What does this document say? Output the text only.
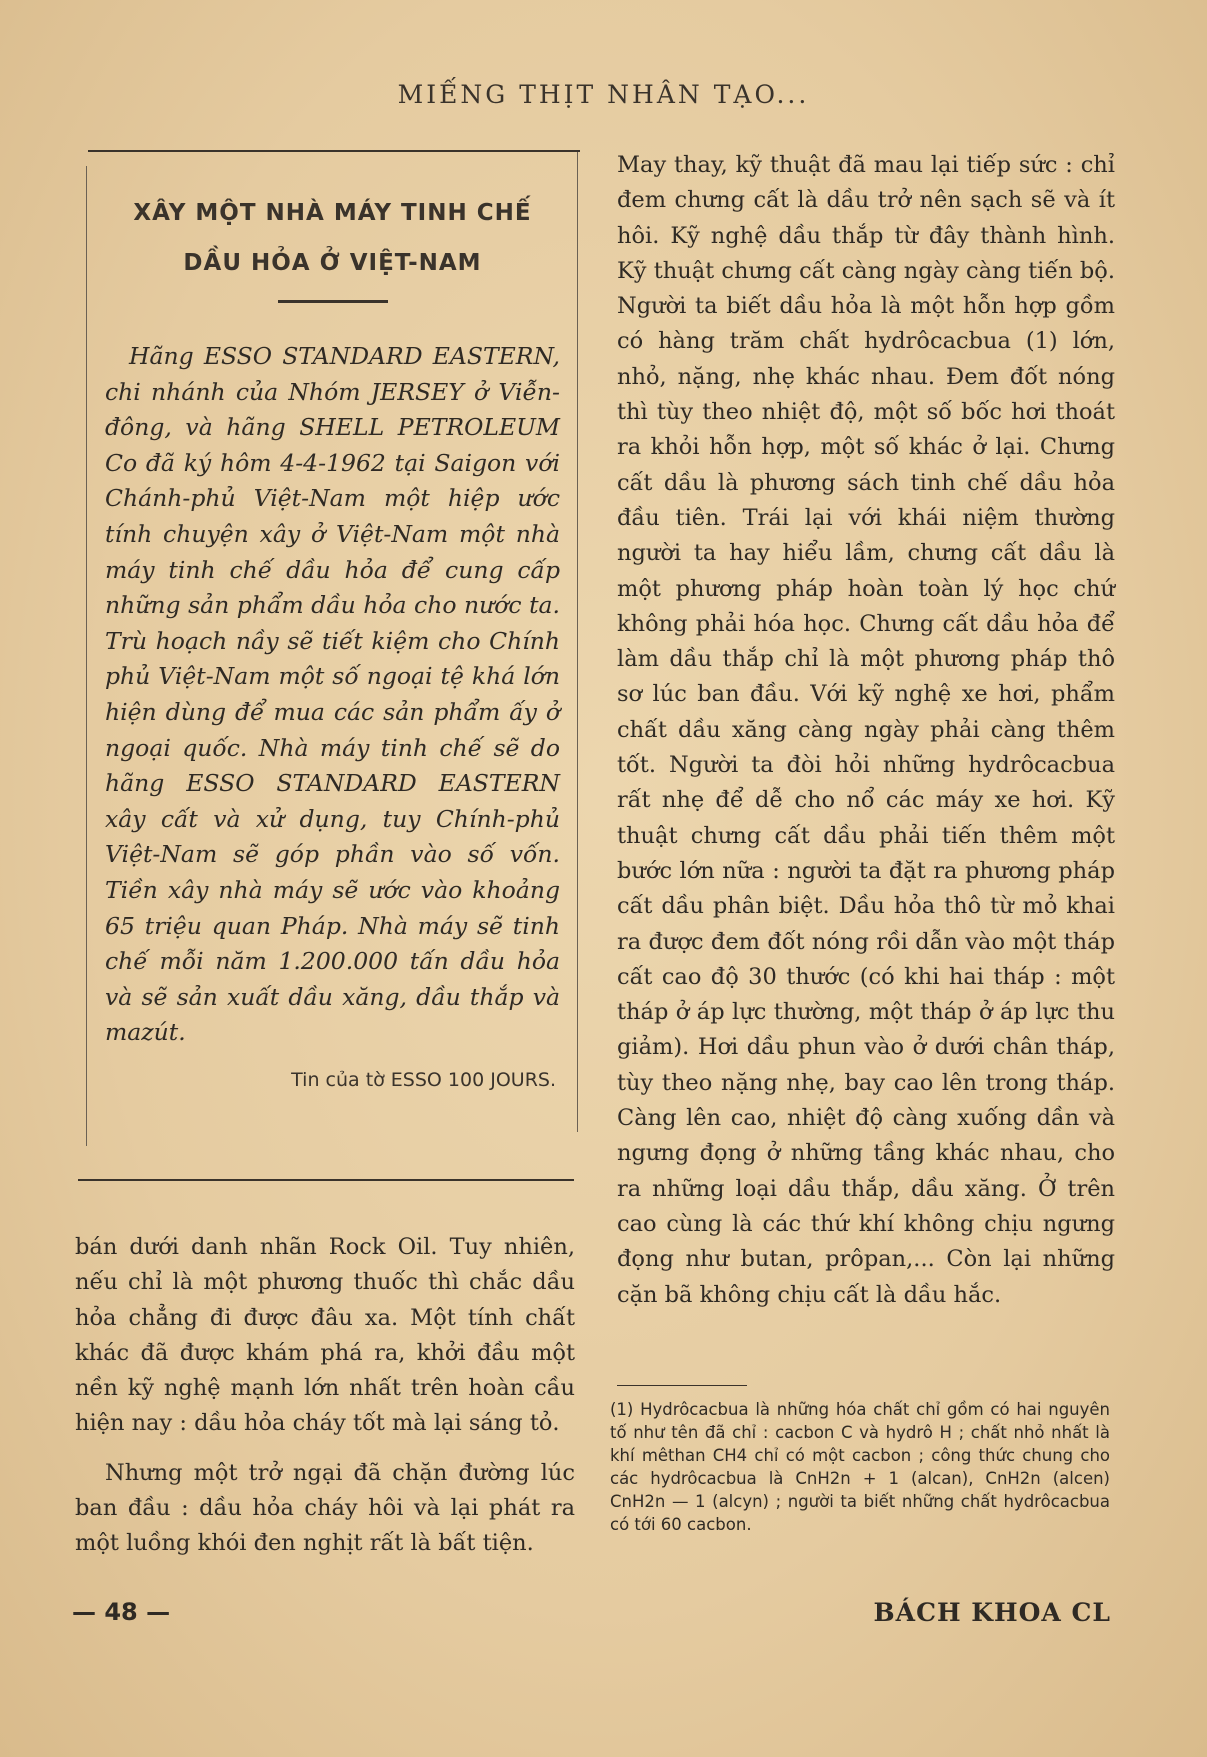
MIẾNG THỊT NHÂN TẠO...
XÂY MỘT NHÀ MÁY TINH CHẾ
DẦU HỎA Ở VIỆT-NAM

Hãng ESSO STANDARD EASTERN, chi nhánh của Nhóm JERSEY ở Viễn-đông, và hãng SHELL PETROLEUM Co đã ký hôm 4-4-1962 tại Saigon với Chánh-phủ Việt-Nam một hiệp ước tính chuyện xây ở Việt-Nam một nhà máy tinh chế dầu hỏa để cung cấp những sản phẩm dầu hỏa cho nước ta. Trù hoạch nầy sẽ tiết kiệm cho Chính phủ Việt-Nam một số ngoại tệ khá lớn hiện dùng để mua các sản phẩm ấy ở ngoại quốc. Nhà máy tinh chế sẽ do hãng ESSO STANDARD EASTERN xây cất và xử dụng, tuy Chính-phủ Việt-Nam sẽ góp phần vào số vốn. Tiền xây nhà máy sẽ ước vào khoảng 65 triệu quan Pháp. Nhà máy sẽ tinh chế mỗi năm 1.200.000 tấn dầu hỏa và sẽ sản xuất dầu xăng, dầu thắp và mazút.

Tin của tờ ESSO 100 JOURS.

bán dưới danh nhãn Rock Oil. Tuy nhiên, nếu chỉ là một phương thuốc thì chắc dầu hỏa chẳng đi được đâu xa. Một tính chất khác đã được khám phá ra, khởi đầu một nền kỹ nghệ mạnh lớn nhất trên hoàn cầu hiện nay : dầu hỏa cháy tốt mà lại sáng tỏ.

Nhưng một trở ngại đã chặn đường lúc ban đầu : dầu hỏa cháy hôi và lại phát ra một luồng khói đen nghịt rất là bất tiện.

May thay, kỹ thuật đã mau lại tiếp sức : chỉ đem chưng cất là dầu trở nên sạch sẽ và ít hôi. Kỹ nghệ dầu thắp từ đây thành hình. Kỹ thuật chưng cất càng ngày càng tiến bộ. Người ta biết dầu hỏa là một hỗn hợp gồm có hàng trăm chất hydrôcacbua (1) lớn, nhỏ, nặng, nhẹ khác nhau. Đem đốt nóng thì tùy theo nhiệt độ, một số bốc hơi thoát ra khỏi hỗn hợp, một số khác ở lại. Chưng cất dầu là phương sách tinh chế dầu hỏa đầu tiên. Trái lại với khái niệm thường người ta hay hiểu lầm, chưng cất dầu là một phương pháp hoàn toàn lý học chứ không phải hóa học. Chưng cất dầu hỏa để làm dầu thắp chỉ là một phương pháp thô sơ lúc ban đầu. Với kỹ nghệ xe hơi, phẩm chất dầu xăng càng ngày phải càng thêm tốt. Người ta đòi hỏi những hydrôcacbua rất nhẹ để dễ cho nổ các máy xe hơi. Kỹ thuật chưng cất dầu phải tiến thêm một bước lớn nữa : người ta đặt ra phương pháp cất dầu phân biệt. Dầu hỏa thô từ mỏ khai ra được đem đốt nóng rồi dẫn vào một tháp cất cao độ 30 thước (có khi hai tháp : một tháp ở áp lực thường, một tháp ở áp lực thu giảm). Hơi dầu phun vào ở dưới chân tháp, tùy theo nặng nhẹ, bay cao lên trong tháp. Càng lên cao, nhiệt độ càng xuống dần và ngưng đọng ở những tầng khác nhau, cho ra những loại dầu thắp, dầu xăng. Ở trên cao cùng là các thứ khí không chịu ngưng đọng như butan, prôpan,... Còn lại những cặn bã không chịu cất là dầu hắc.

(1) Hydrôcacbua là những hóa chất chỉ gồm có hai nguyên tố như tên đã chỉ : cacbon C và hydrô H ; chất nhỏ nhất là khí mêthan CH4 chỉ có một cacbon ; công thức chung cho các hydrôcacbua là CnH2n + 1 (alcan), CnH2n (alcen) CnH2n — 1 (alcyn) ; người ta biết những chất hydrôcacbua có tới 60 cacbon.
— 48 —	BÁCH KHOA CL
